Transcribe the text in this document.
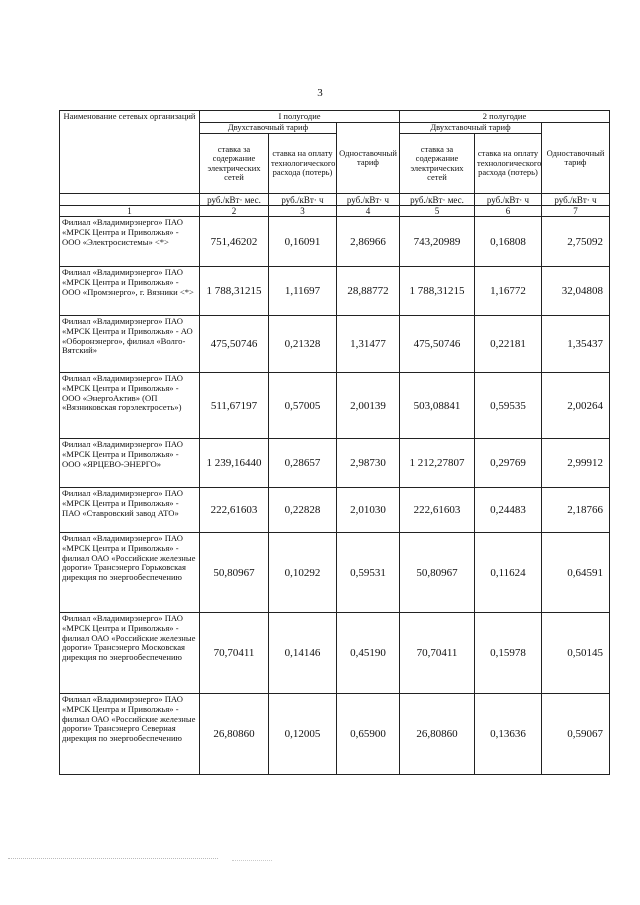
3
Наименование сетевых организаций	I полугодие			2 полугодие		
	Двухставочный тариф		Одноставочный тариф	Двухставочный тариф		Одноставочный тариф
	ставка за содержание электрических сетей	ставка на оплату технологического расхода (потерь)		ставка за содержание электрических сетей	ставка на оплату технологического расхода (потерь)	
	руб./кВт· мес.	руб./кВт· ч	руб./кВт· ч	руб./кВт· мес.	руб./кВт· ч	руб./кВт· ч
1	2	3	4	5	6	7
Филиал «Владимирэнерго» ПАО «МРСК Центра и Приволжья» - ООО «Электросистемы» <*>	751,46202	0,16091	2,86966	743,20989	0,16808	2,75092
Филиал «Владимирэнерго» ПАО «МРСК Центра и Приволжья» - ООО «Промэнерго», г. Вязники <*>	1 788,31215	1,11697	28,88772	1 788,31215	1,16772	32,04808
Филиал «Владимирэнерго» ПАО «МРСК Центра и Приволжья» - АО «Оборонэнерго», филиал «Волго-Вятский»	475,50746	0,21328	1,31477	475,50746	0,22181	1,35437
Филиал «Владимирэнерго» ПАО «МРСК Центра и Приволжья» - ООО «ЭнергоАктив» (ОП «Вязниковская горэлектросеть»)	511,67197	0,57005	2,00139	503,08841	0,59535	2,00264
Филиал «Владимирэнерго» ПАО «МРСК Центра и Приволжья» - ООО «ЯРЦЕВО-ЭНЕРГО»	1 239,16440	0,28657	2,98730	1 212,27807	0,29769	2,99912
Филиал «Владимирэнерго» ПАО «МРСК Центра и Приволжья» - ПАО «Ставровский завод АТО»	222,61603	0,22828	2,01030	222,61603	0,24483	2,18766
Филиал «Владимирэнерго» ПАО «МРСК Центра и Приволжья» - филиал ОАО «Российские железные дороги» Трансэнерго Горьковская дирекция по энергообеспечению	50,80967	0,10292	0,59531	50,80967	0,11624	0,64591
Филиал «Владимирэнерго» ПАО «МРСК Центра и Приволжья» - филиал ОАО «Российские железные дороги» Трансэнерго Московская дирекция по энергообеспечению	70,70411	0,14146	0,45190	70,70411	0,15978	0,50145
Филиал «Владимирэнерго» ПАО «МРСК Центра и Приволжья» - филиал ОАО «Российские железные дороги» Трансэнерго Северная дирекция по энергообеспечению	26,80860	0,12005	0,65900	26,80860	0,13636	0,59067
